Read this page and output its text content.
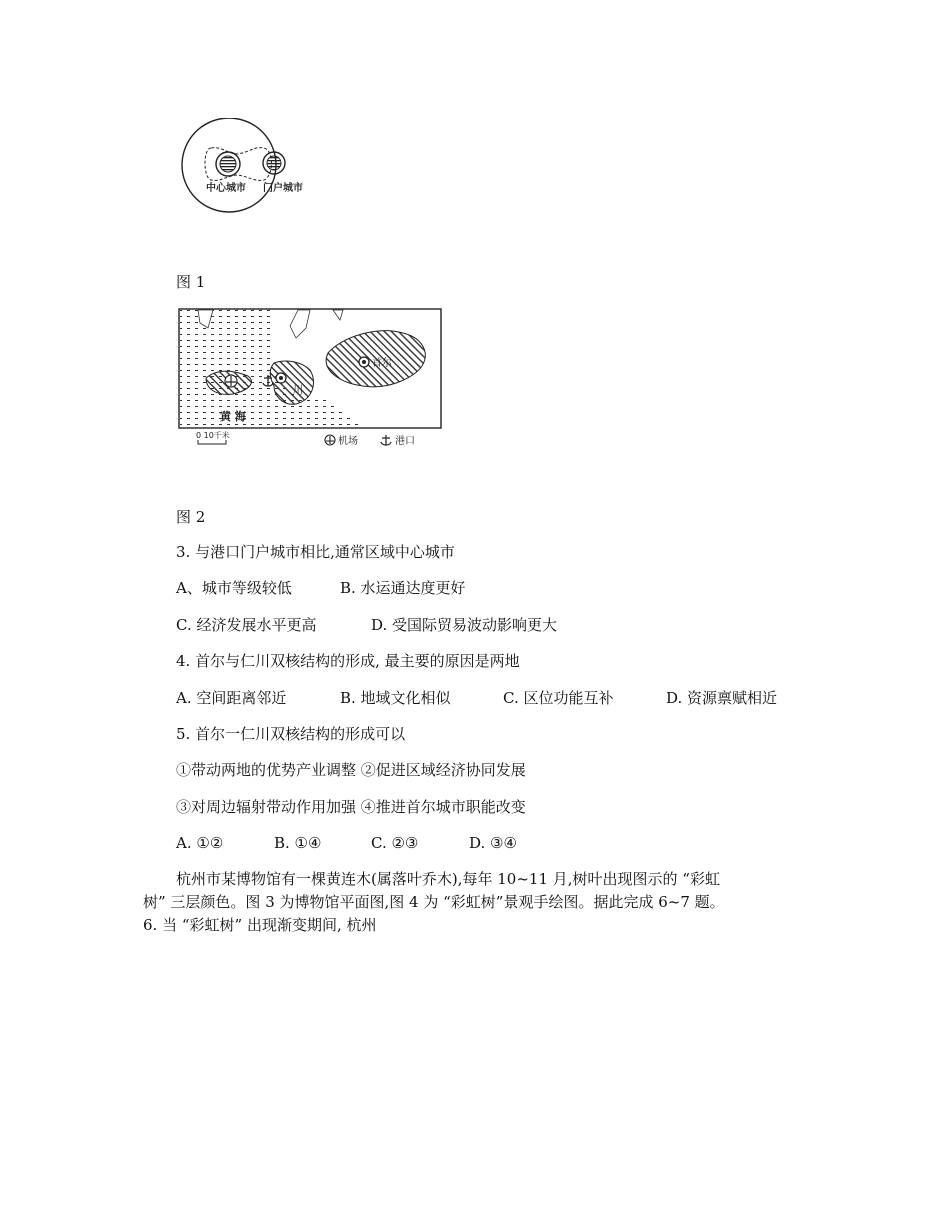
中心城市 门户城市
图 1
川
首尔
黄 海
0 10千米
机场	港口
图 2
3. 与港口门户城市相比,通常区域中心城市
A、城市等级较低	B. 水运通达度更好
C. 经济发展水平更高	D. 受国际贸易波动影响更大
4. 首尔与仁川双核结构的形成, 最主要的原因是两地
A. 空间距离邻近	B. 地域文化相似	C. 区位功能互补	D. 资源禀赋相近
5. 首尔一仁川双核结构的形成可以
①带动两地的优势产业调整 ②促进区域经济协同发展
③对周边辐射带动作用加强 ④推进首尔城市职能改变
A. ①②	B. ①④	C. ②③	D. ③④
杭州市某博物馆有一棵黄连木(属落叶乔木),每年 10~11 月,树叶出现图示的 “彩虹
树” 三层颜色。图 3 为博物馆平面图,图 4 为 “彩虹树”景观手绘图。据此完成 6~7 题。
6. 当 “彩虹树” 出现渐变期间, 杭州
